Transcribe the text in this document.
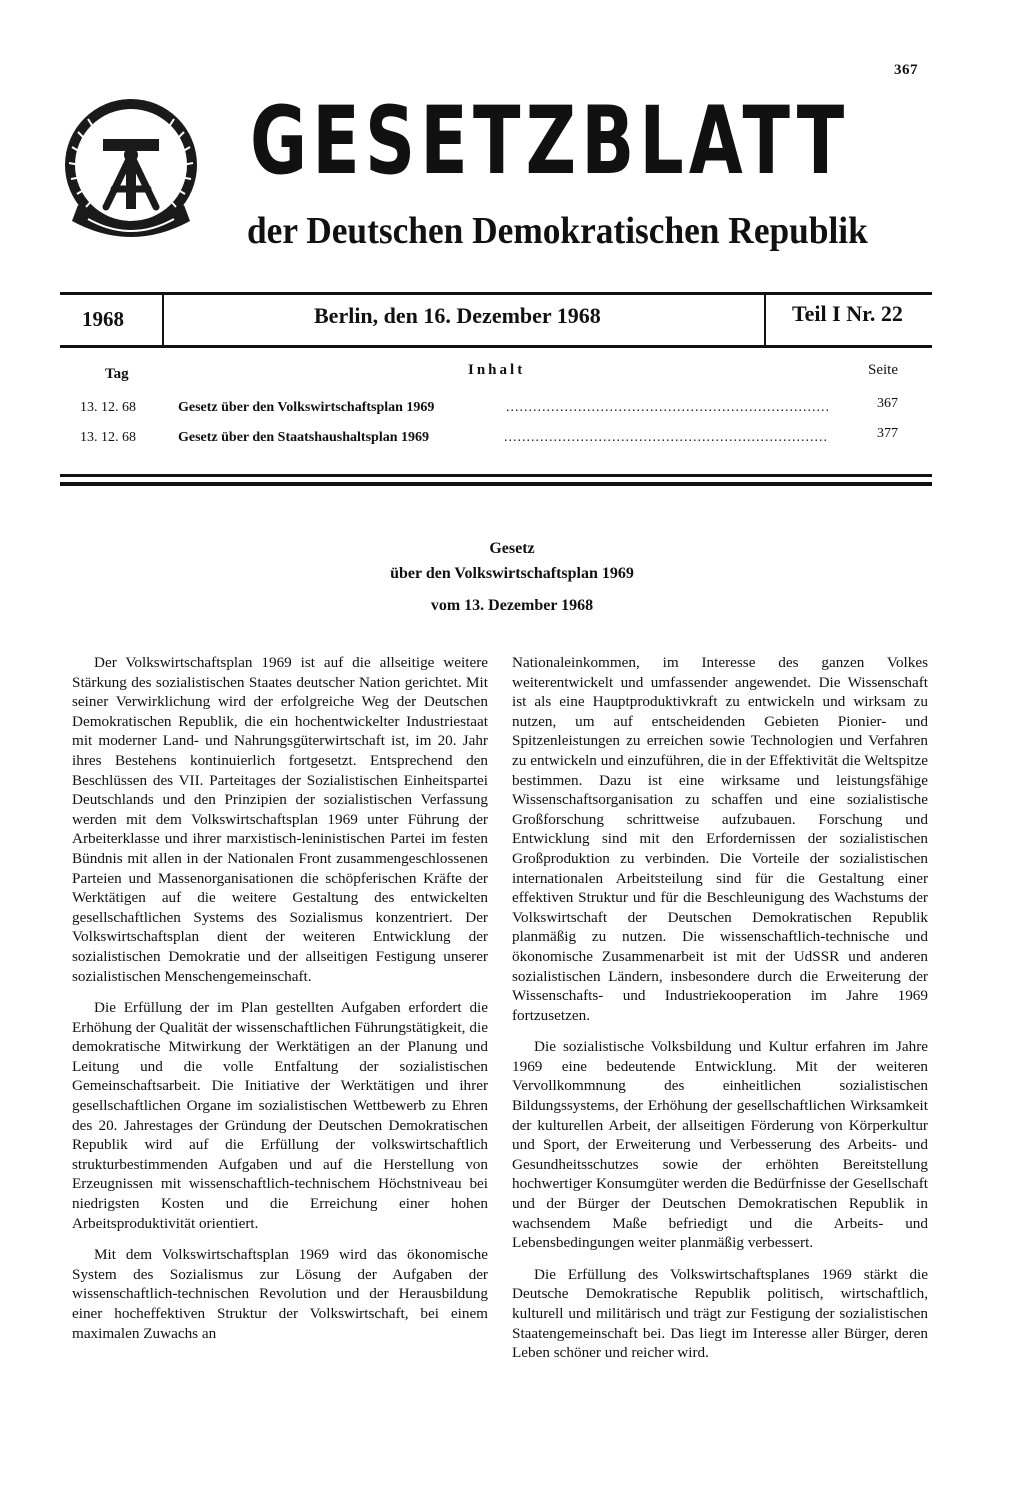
367
GESETZBLATT
der Deutschen Demokratischen Republik
1968	Berlin, den 16. Dezember 1968	Teil I Nr. 22
Tag	Inhalt	Seite
13. 12. 68	Gesetz über den Volkswirtschaftsplan 1969	........................................................................	367
13. 12. 68	Gesetz über den Staatshaushaltsplan 1969	........................................................................	377
Gesetz
über den Volkswirtschaftsplan 1969
vom 13. Dezember 1968

Der Volkswirtschaftsplan 1969 ist auf die allseitige weitere Stärkung des sozialistischen Staates deutscher Nation gerichtet. Mit seiner Verwirklichung wird der erfolgreiche Weg der Deutschen Demokratischen Republik, die ein hochentwickelter Industriestaat mit moderner Land- und Nahrungsgüterwirtschaft ist, im 20. Jahr ihres Bestehens kontinuierlich fortgesetzt. Entsprechend den Beschlüssen des VII. Parteitages der Sozialistischen Einheitspartei Deutschlands und den Prinzipien der sozialistischen Verfassung werden mit dem Volkswirtschaftsplan 1969 unter Führung der Arbeiterklasse und ihrer marxistisch-leninistischen Partei im festen Bündnis mit allen in der Nationalen Front zusammengeschlossenen Parteien und Massenorganisationen die schöpferischen Kräfte der Werktätigen auf die weitere Gestaltung des entwickelten gesellschaftlichen Systems des Sozialismus konzentriert. Der Volkswirtschaftsplan dient der weiteren Entwicklung der sozialistischen Demokratie und der allseitigen Festigung unserer sozialistischen Menschengemeinschaft.

Die Erfüllung der im Plan gestellten Aufgaben erfordert die Erhöhung der Qualität der wissenschaftlichen Führungstätigkeit, die demokratische Mitwirkung der Werktätigen an der Planung und Leitung und die volle Entfaltung der sozialistischen Gemeinschaftsarbeit. Die Initiative der Werktätigen und ihrer gesellschaftlichen Organe im sozialistischen Wettbewerb zu Ehren des 20. Jahrestages der Gründung der Deutschen Demokratischen Republik wird auf die Erfüllung der volkswirtschaftlich strukturbestimmenden Aufgaben und auf die Herstellung von Erzeugnissen mit wissenschaftlich-technischem Höchstniveau bei niedrigsten Kosten und die Erreichung einer hohen Arbeitsproduktivität orientiert.

Mit dem Volkswirtschaftsplan 1969 wird das ökonomische System des Sozialismus zur Lösung der Aufgaben der wissenschaftlich-technischen Revolution und der Herausbildung einer hocheffektiven Struktur der Volkswirtschaft, bei einem maximalen Zuwachs an

Nationaleinkommen, im Interesse des ganzen Volkes weiterentwickelt und umfassender angewendet. Die Wissenschaft ist als eine Hauptproduktivkraft zu entwickeln und wirksam zu nutzen, um auf entscheidenden Gebieten Pionier- und Spitzenleistungen zu erreichen sowie Technologien und Verfahren zu entwickeln und einzuführen, die in der Effektivität die Weltspitze bestimmen. Dazu ist eine wirksame und leistungsfähige Wissenschaftsorganisation zu schaffen und eine sozialistische Großforschung schrittweise aufzubauen. Forschung und Entwicklung sind mit den Erfordernissen der sozialistischen Großproduktion zu verbinden. Die Vorteile der sozialistischen internationalen Arbeitsteilung sind für die Gestaltung einer effektiven Struktur und für die Beschleunigung des Wachstums der Volkswirtschaft der Deutschen Demokratischen Republik planmäßig zu nutzen. Die wissenschaftlich-technische und ökonomische Zusammenarbeit ist mit der UdSSR und anderen sozialistischen Ländern, insbesondere durch die Erweiterung der Wissenschafts- und Industriekooperation im Jahre 1969 fortzusetzen.

Die sozialistische Volksbildung und Kultur erfahren im Jahre 1969 eine bedeutende Entwicklung. Mit der weiteren Vervollkommnung des einheitlichen sozialistischen Bildungssystems, der Erhöhung der gesellschaftlichen Wirksamkeit der kulturellen Arbeit, der allseitigen Förderung von Körperkultur und Sport, der Erweiterung und Verbesserung des Arbeits- und Gesundheitsschutzes sowie der erhöhten Bereitstellung hochwertiger Konsumgüter werden die Bedürfnisse der Gesellschaft und der Bürger der Deutschen Demokratischen Republik in wachsendem Maße befriedigt und die Arbeits- und Lebensbedingungen weiter planmäßig verbessert.

Die Erfüllung des Volkswirtschaftsplanes 1969 stärkt die Deutsche Demokratische Republik politisch, wirtschaftlich, kulturell und militärisch und trägt zur Festigung der sozialistischen Staatengemeinschaft bei. Das liegt im Interesse aller Bürger, deren Leben schöner und reicher wird.
